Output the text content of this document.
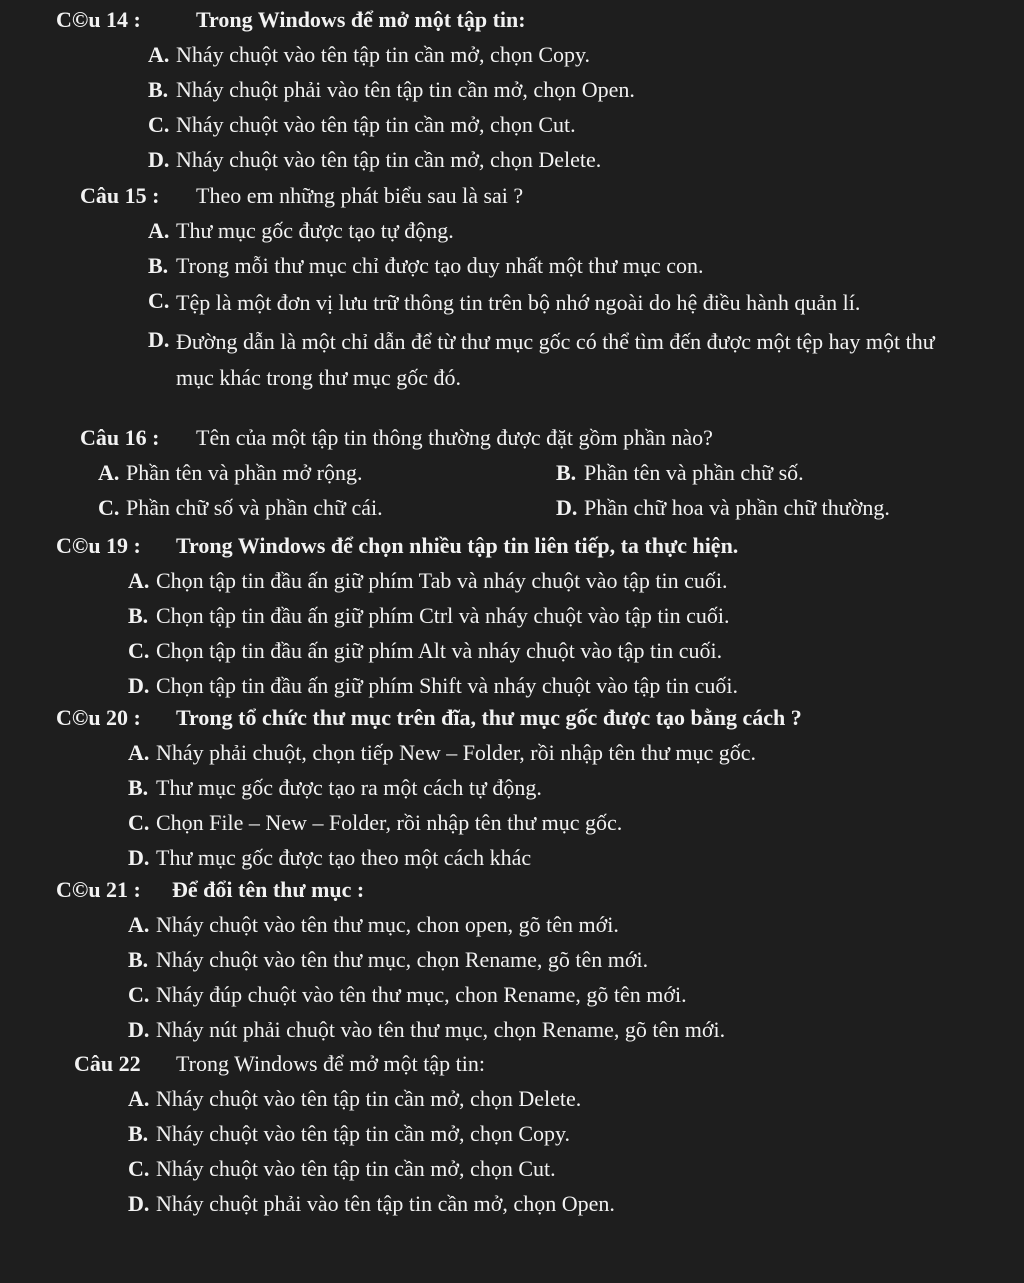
C©u 14 :	Trong Windows để mở một tập tin:
A. Nháy chuột vào tên tập tin cần mở, chọn Copy.
B. Nháy chuột phải vào tên tập tin cần mở, chọn Open.
C. Nháy chuột vào tên tập tin cần mở, chọn Cut.
D. Nháy chuột vào tên tập tin cần mở, chọn Delete.
Câu 15 :	Theo em những phát biểu sau là sai ?
A. Thư mục gốc được tạo tự động.
B. Trong mỗi thư mục chỉ được tạo duy nhất một thư mục con.
C. Tệp là một đơn vị lưu trữ thông tin trên bộ nhớ ngoài do hệ điều hành quản lí.
D. Đường dẫn là một chỉ dẫn để từ thư mục gốc có thể tìm đến được một tệp hay một thư mục khác trong thư mục gốc đó.
Câu 16 :	Tên của một tập tin thông thường được đặt gồm phần nào?
A. Phần tên và phần mở rộng.	B. Phần tên và phần chữ số.
C. Phần chữ số và phần chữ cái.	D. Phần chữ hoa và phần chữ thường.
C©u 19 :	Trong Windows để chọn nhiều tập tin liên tiếp, ta thực hiện.
A. Chọn tập tin đầu ấn giữ phím Tab và nháy chuột vào tập tin cuối.
B. Chọn tập tin đầu ấn giữ phím Ctrl và nháy chuột vào tập tin cuối.
C. Chọn tập tin đầu ấn giữ phím Alt và nháy chuột vào tập tin cuối.
D. Chọn tập tin đầu ấn giữ phím Shift và nháy chuột vào tập tin cuối.
C©u 20 :	Trong tổ chức thư mục trên đĩa, thư mục gốc được tạo bằng cách ?
A. Nháy phải chuột, chọn tiếp New – Folder, rồi nhập tên thư mục gốc.
B. Thư mục gốc được tạo ra một cách tự động.
C. Chọn File – New – Folder, rồi nhập tên thư mục gốc.
D. Thư mục gốc được tạo theo một cách khác
C©u 21 :	Để đổi tên thư mục :
A. Nháy chuột vào tên thư mục, chon open, gõ tên mới.
B. Nháy chuột vào tên thư mục, chọn Rename, gõ tên mới.
C. Nháy đúp chuột vào tên thư mục, chon Rename, gõ tên mới.
D. Nháy nút phải chuột vào tên thư mục, chọn Rename, gõ tên mới.
Câu 22	Trong Windows để mở một tập tin:
A. Nháy chuột vào tên tập tin cần mở, chọn Delete.
B. Nháy chuột vào tên tập tin cần mở, chọn Copy.
C. Nháy chuột vào tên tập tin cần mở, chọn Cut.
D. Nháy chuột phải vào tên tập tin cần mở, chọn Open.
